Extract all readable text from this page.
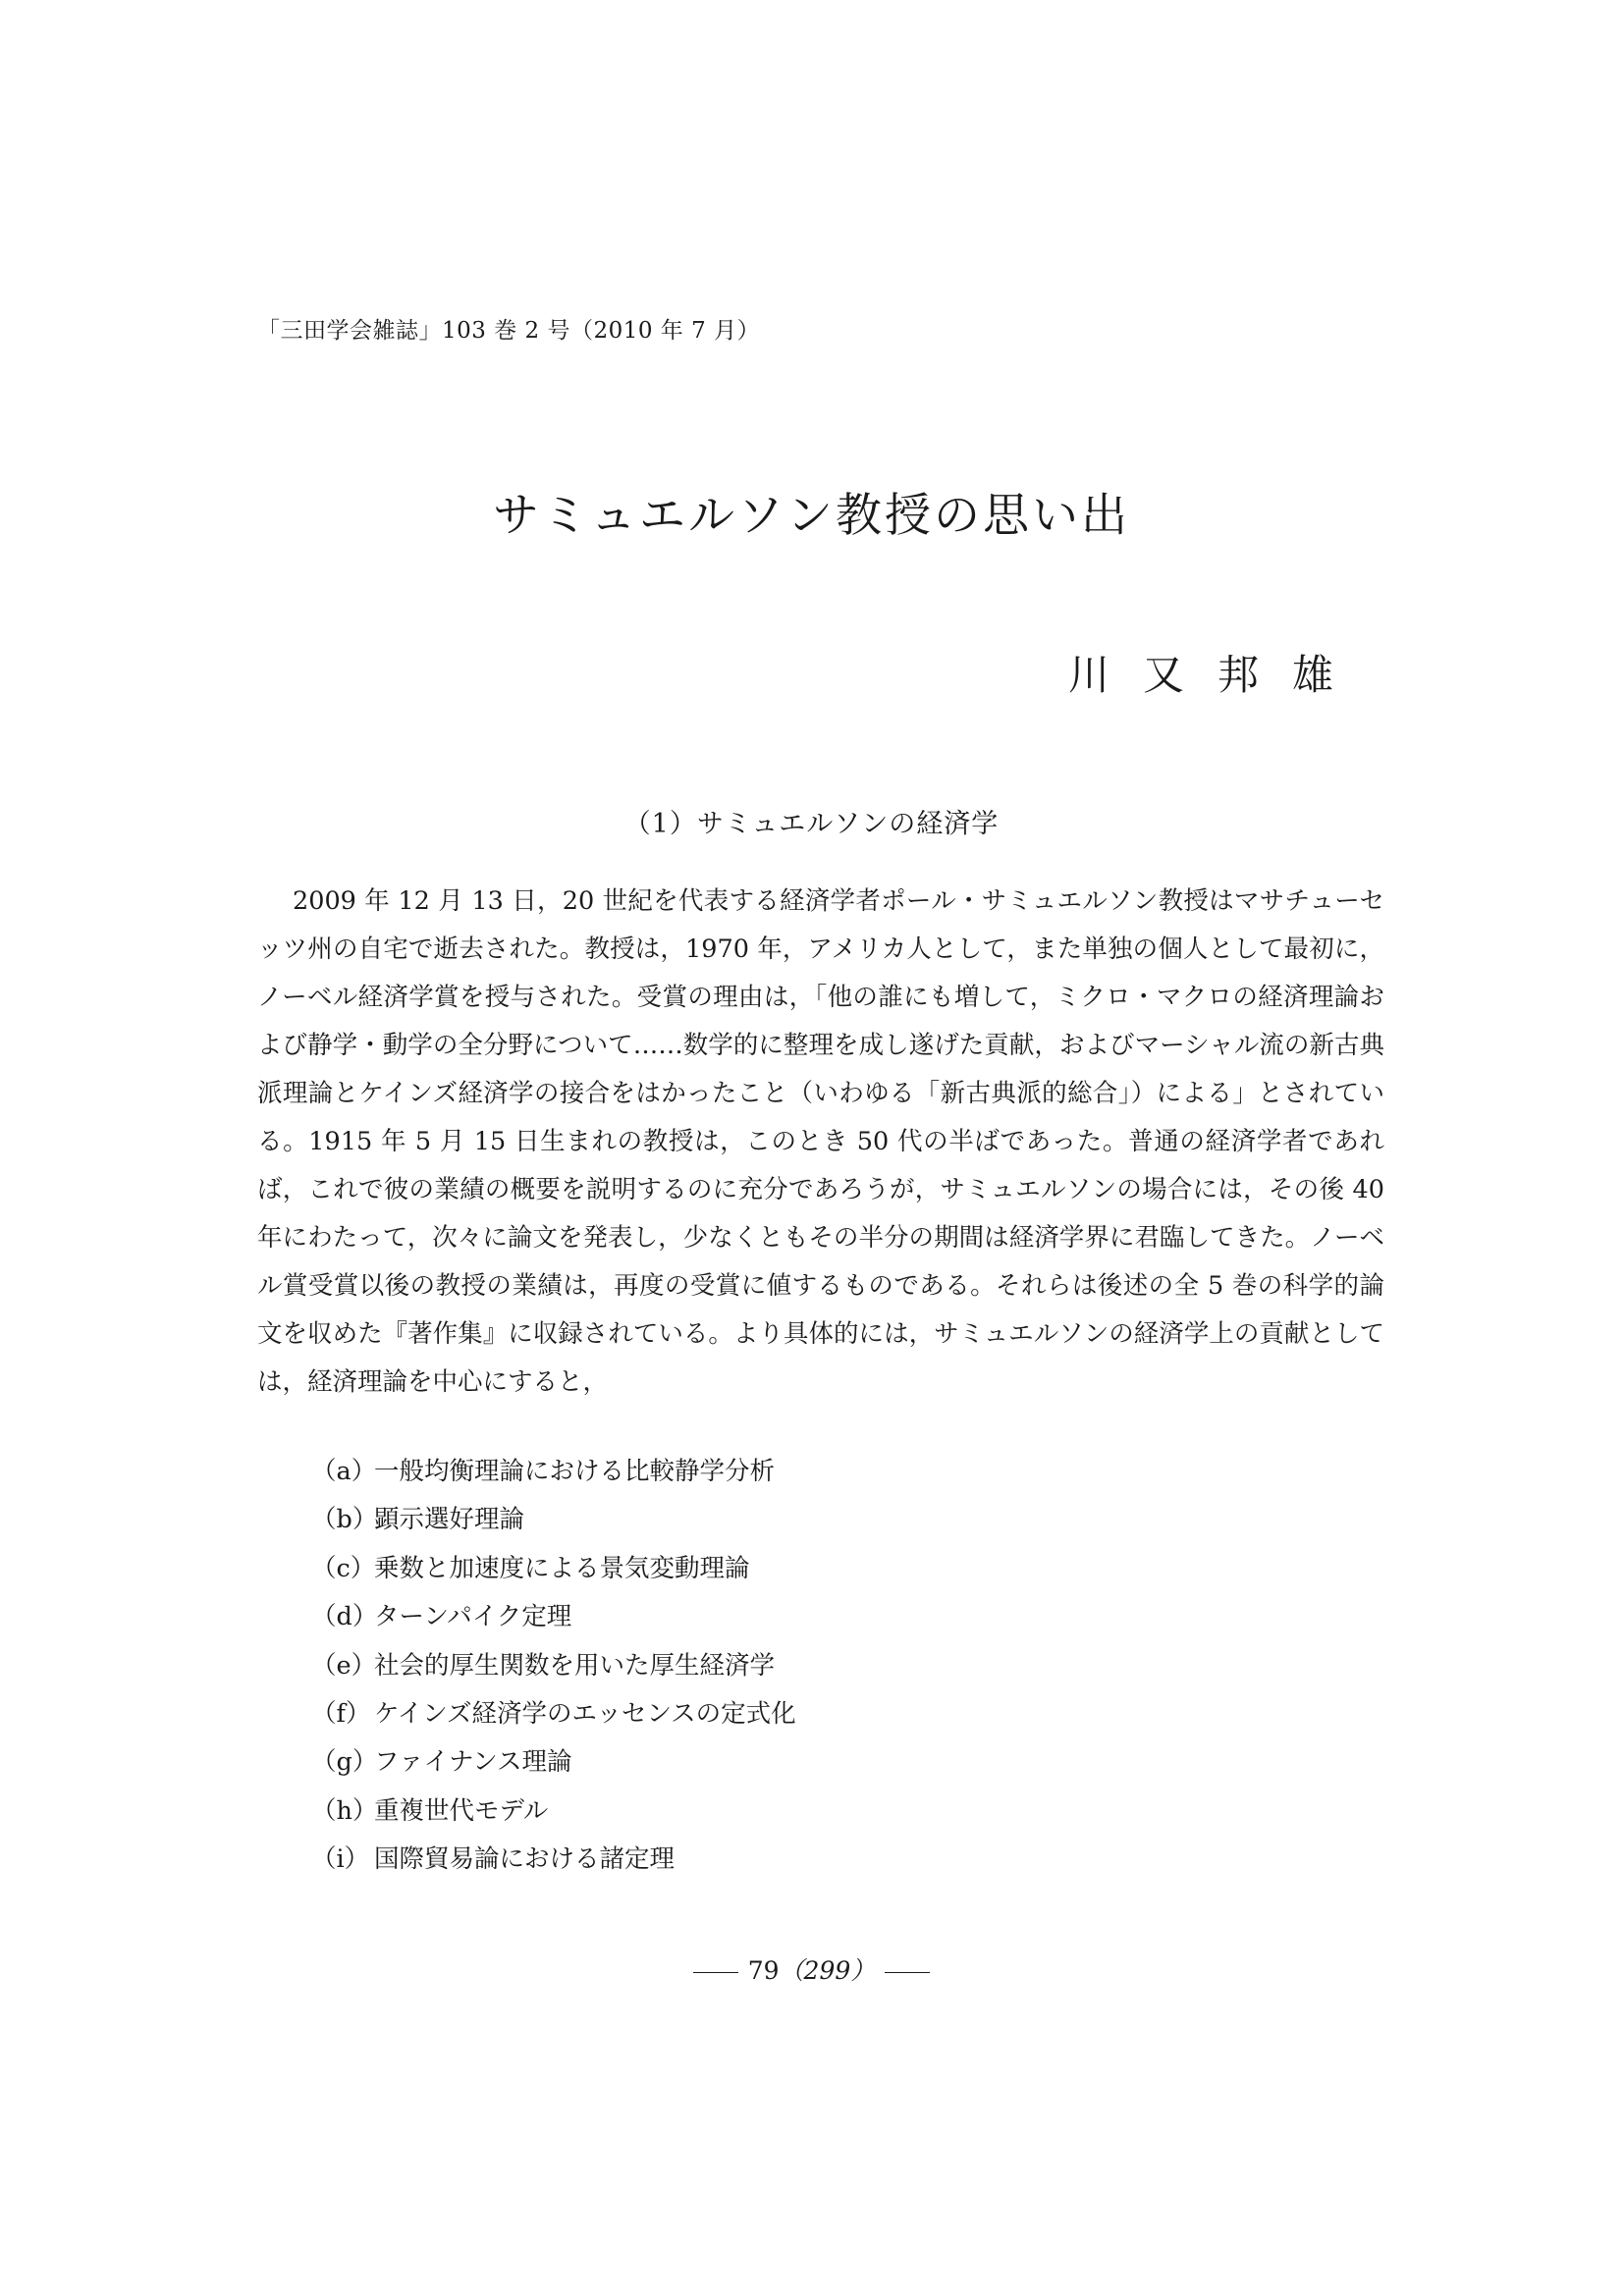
「三田学会雑誌」103 巻 2 号（2010 年 7 月）
サミュエルソン教授の思い出
川又邦雄
（1）サミュエルソンの経済学

2009 年 12 月 13 日，20 世紀を代表する経済学者ポール・サミュエルソン教授はマサチューセッツ州の自宅で逝去された。教授は，1970 年，アメリカ人として，また単独の個人として最初に，ノーベル経済学賞を授与された。受賞の理由は，「他の誰にも増して，ミクロ・マクロの経済理論および静学・動学の全分野について……数学的に整理を成し遂げた貢献，およびマーシャル流の新古典派理論とケインズ経済学の接合をはかったこと（いわゆる「新古典派的総合」）による」とされている。1915 年 5 月 15 日生まれの教授は，このとき 50 代の半ばであった。普通の経済学者であれば，これで彼の業績の概要を説明するのに充分であろうが，サミュエルソンの場合には，その後 40 年にわたって，次々に論文を発表し，少なくともその半分の期間は経済学界に君臨してきた。ノーベル賞受賞以後の教授の業績は，再度の受賞に値するものである。それらは後述の全 5 巻の科学的論文を収めた『著作集』に収録されている。より具体的には，サミュエルソンの経済学上の貢献としては，経済理論を中心にすると，

（a）一般均衡理論における比較静学分析
（b）顕示選好理論
（c）乗数と加速度による景気変動理論
（d）ターンパイク定理
（e）社会的厚生関数を用いた厚生経済学
（f） ケインズ経済学のエッセンスの定式化
（g）ファイナンス理論
（h）重複世代モデル
（i） 国際貿易論における諸定理
79（299）
